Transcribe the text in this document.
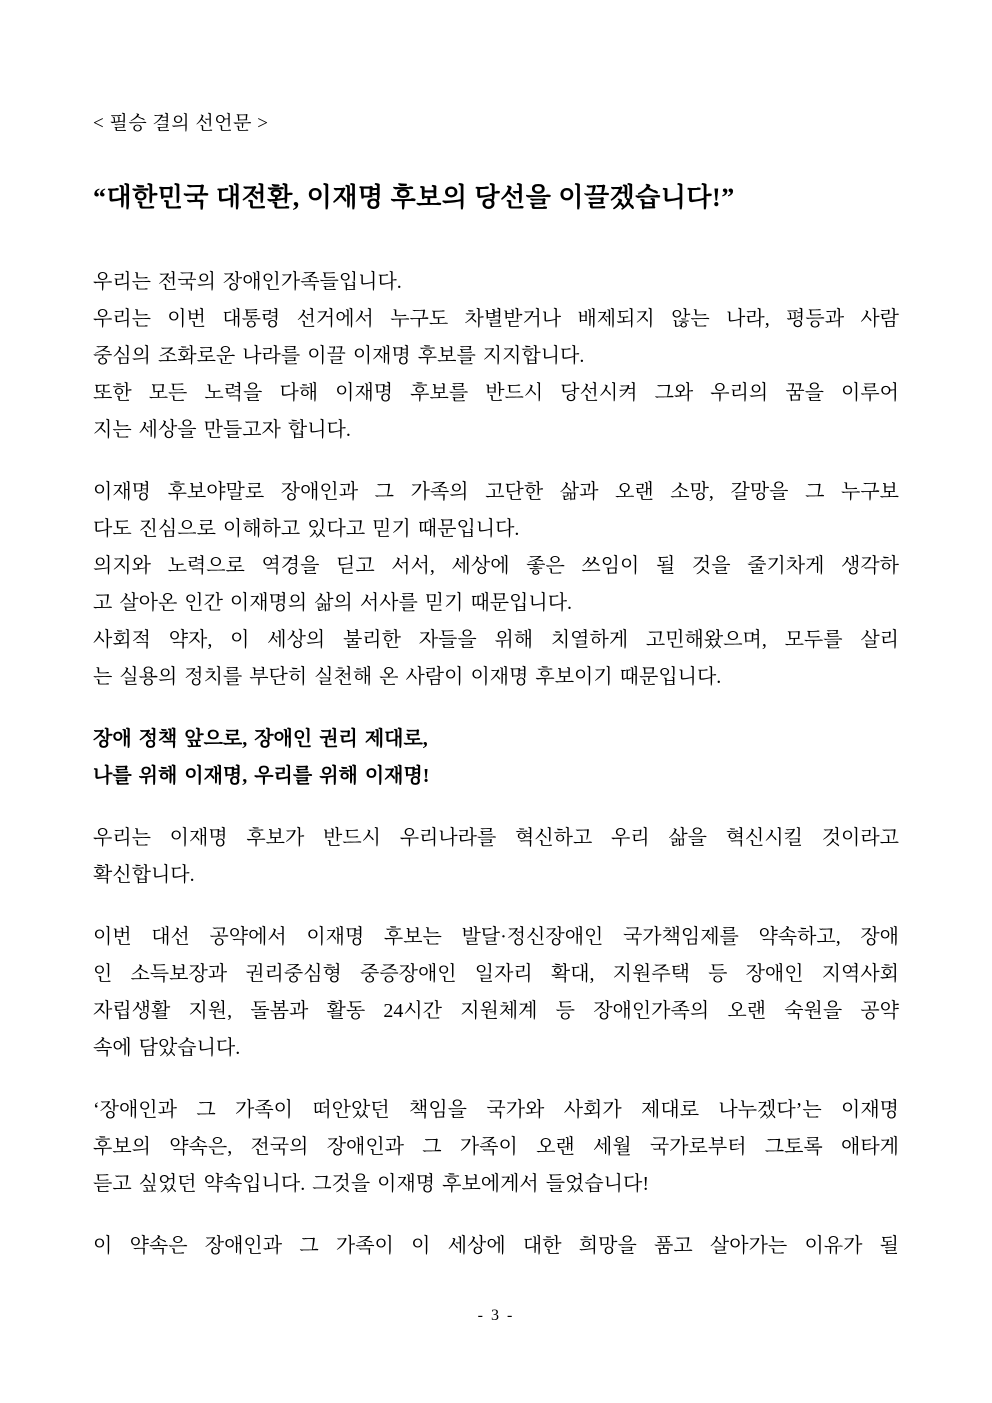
< 필승 결의 선언문 >
“대한민국 대전환, 이재명 후보의 당선을 이끌겠습니다!”
우리는 전국의 장애인가족들입니다.
우리는 이번 대통령 선거에서 누구도 차별받거나 배제되지 않는 나라, 평등과 사람
중심의 조화로운 나라를 이끌 이재명 후보를 지지합니다.
또한 모든 노력을 다해 이재명 후보를 반드시 당선시켜 그와 우리의 꿈을 이루어
지는 세상을 만들고자 합니다.
이재명 후보야말로 장애인과 그 가족의 고단한 삶과 오랜 소망, 갈망을 그 누구보
다도 진심으로 이해하고 있다고 믿기 때문입니다.
의지와 노력으로 역경을 딛고 서서, 세상에 좋은 쓰임이 될 것을 줄기차게 생각하
고 살아온 인간 이재명의 삶의 서사를 믿기 때문입니다.
사회적 약자, 이 세상의 불리한 자들을 위해 치열하게 고민해왔으며, 모두를 살리
는 실용의 정치를 부단히 실천해 온 사람이 이재명 후보이기 때문입니다.
장애 정책 앞으로, 장애인 권리 제대로,
나를 위해 이재명, 우리를 위해 이재명!
우리는 이재명 후보가 반드시 우리나라를 혁신하고 우리 삶을 혁신시킬 것이라고
확신합니다.
이번 대선 공약에서 이재명 후보는 발달·정신장애인 국가책임제를 약속하고, 장애
인 소득보장과 권리중심형 중증장애인 일자리 확대, 지원주택 등 장애인 지역사회
자립생활 지원, 돌봄과 활동 24시간 지원체계 등 장애인가족의 오랜 숙원을 공약
속에 담았습니다.
‘장애인과 그 가족이 떠안았던 책임을 국가와 사회가 제대로 나누겠다’는 이재명
후보의 약속은, 전국의 장애인과 그 가족이 오랜 세월 국가로부터 그토록 애타게
듣고 싶었던 약속입니다. 그것을 이재명 후보에게서 들었습니다!
이 약속은 장애인과 그 가족이 이 세상에 대한 희망을 품고 살아가는 이유가 될
- 3 -
